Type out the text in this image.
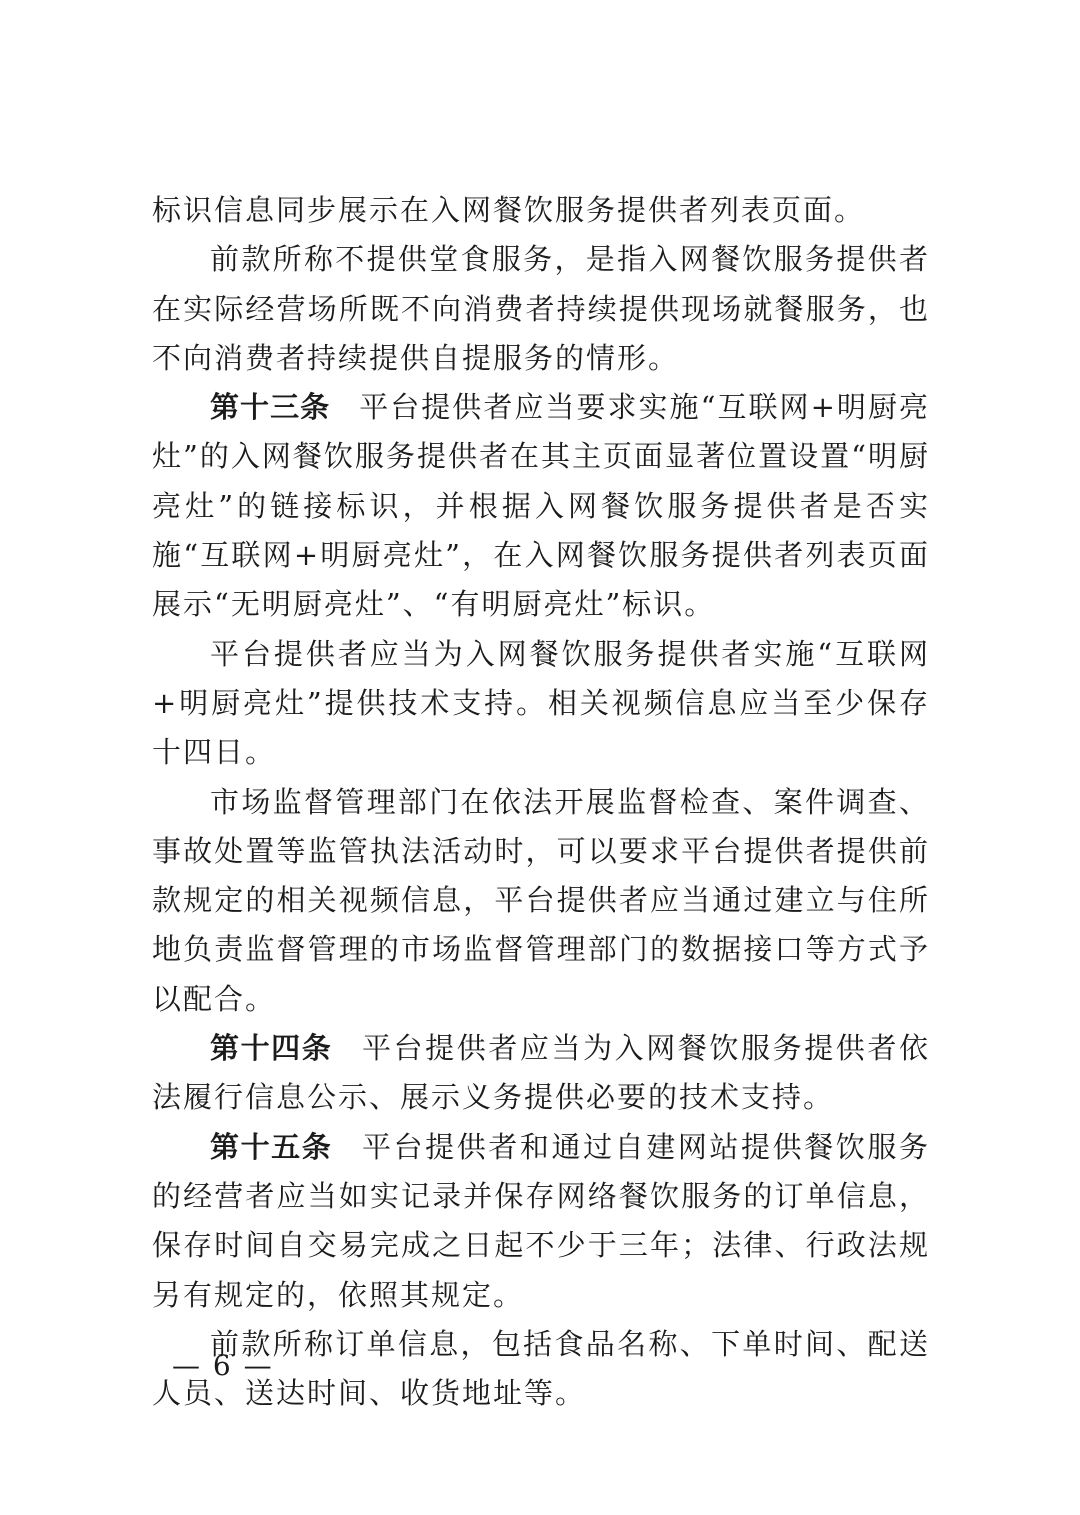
标识信息同步展示在入网餐饮服务提供者列表页面。

前款所称不提供堂食服务，是指入网餐饮服务提供者在实际经营场所既不向消费者持续提供现场就餐服务，也不向消费者持续提供自提服务的情形。

第十三条 平台提供者应当要求实施“互联网+明厨亮灶”的入网餐饮服务提供者在其主页面显著位置设置“明厨亮灶”的链接标识，并根据入网餐饮服务提供者是否实施“互联网+明厨亮灶”，在入网餐饮服务提供者列表页面展示“无明厨亮灶”、“有明厨亮灶”标识。

平台提供者应当为入网餐饮服务提供者实施“互联网+明厨亮灶”提供技术支持。相关视频信息应当至少保存十四日。

市场监督管理部门在依法开展监督检查、案件调查、事故处置等监管执法活动时，可以要求平台提供者提供前款规定的相关视频信息，平台提供者应当通过建立与住所地负责监督管理的市场监督管理部门的数据接口等方式予以配合。

第十四条 平台提供者应当为入网餐饮服务提供者依法履行信息公示、展示义务提供必要的技术支持。

第十五条 平台提供者和通过自建网站提供餐饮服务的经营者应当如实记录并保存网络餐饮服务的订单信息，保存时间自交易完成之日起不少于三年；法律、行政法规另有规定的，依照其规定。

前款所称订单信息，包括食品名称、下单时间、配送人员、送达时间、收货地址等。

— 6 —
